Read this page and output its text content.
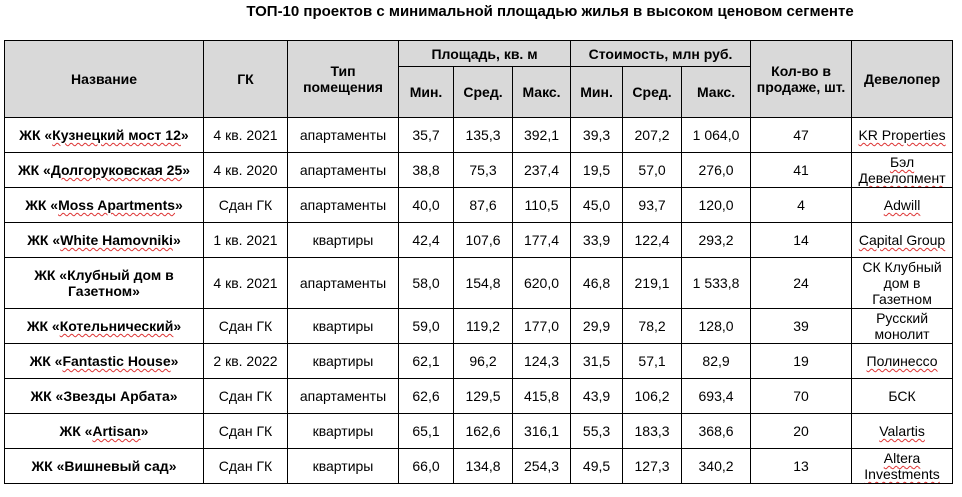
ТОП-10 проектов с минимальной площадью жилья в высоком ценовом сегменте
Название	ГК	Тип помещения	Площадь, кв. м			Стоимость, млн руб.			Кол-во в продаже, шт.	Девелопер
			Мин.	Сред.	Макс.	Мин.	Сред.	Макс.		
ЖК «Кузнецкий мост 12»	4 кв. 2021	апартаменты	35,7	135,3	392,1	39,3	207,2	1 064,0	47	KR Properties
ЖК «Долгоруковская 25»	4 кв. 2020	апартаменты	38,8	75,3	237,4	19,5	57,0	276,0	41	Бэл Девелопмент
ЖК «Moss Apartments»	Сдан ГК	апартаменты	40,0	87,6	110,5	45,0	93,7	120,0	4	Adwill
ЖК «White Hamovniki»	1 кв. 2021	квартиры	42,4	107,6	177,4	33,9	122,4	293,2	14	Capital Group
ЖК «Клубный дом в Газетном»	4 кв. 2021	апартаменты	58,0	154,8	620,0	46,8	219,1	1 533,8	24	СК Клубный дом в Газетном
ЖК «Котельнический»	Сдан ГК	квартиры	59,0	119,2	177,0	29,9	78,2	128,0	39	Русский монолит
ЖК «Fantastic House»	2 кв. 2022	квартиры	62,1	96,2	124,3	31,5	57,1	82,9	19	Полинессо
ЖК «Звезды Арбата»	Сдан ГК	апартаменты	62,6	129,5	415,8	43,9	106,2	693,4	70	БСК
ЖК «Artisan»	Сдан ГК	квартиры	65,1	162,6	316,1	55,3	183,3	368,6	20	Valartis
ЖК «Вишневый сад»	Сдан ГК	квартиры	66,0	134,8	254,3	49,5	127,3	340,2	13	Altera Investments
